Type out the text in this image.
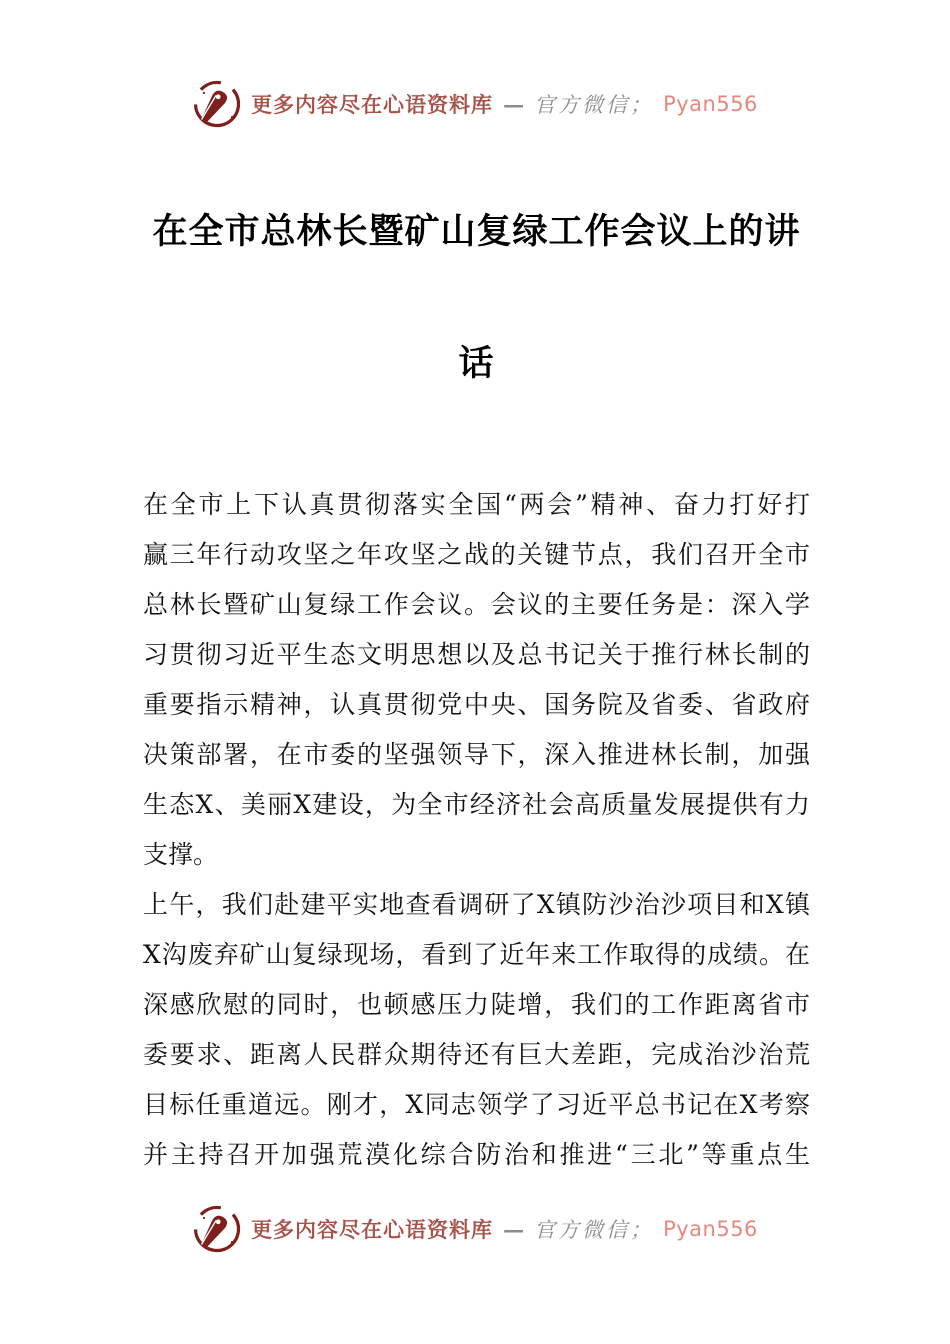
更多内容尽在心语资料库 — 官方微信； Pyan556
在全市总林长暨矿山复绿工作会议上的讲
话
在全市上下认真贯彻落实全国“两会”精神、奋力打好打
赢三年行动攻坚之年攻坚之战的关键节点，我们召开全市
总林长暨矿山复绿工作会议。会议的主要任务是：深入学
习贯彻习近平生态文明思想以及总书记关于推行林长制的
重要指示精神，认真贯彻党中央、国务院及省委、省政府
决策部署，在市委的坚强领导下，深入推进林长制，加强
生态X、美丽X建设，为全市经济社会高质量发展提供有力
支撑。
上午，我们赴建平实地查看调研了X镇防沙治沙项目和X镇
X沟废弃矿山复绿现场，看到了近年来工作取得的成绩。在
深感欣慰的同时，也顿感压力陡增，我们的工作距离省市
委要求、距离人民群众期待还有巨大差距，完成治沙治荒
目标任重道远。刚才，X同志领学了习近平总书记在X考察
并主持召开加强荒漠化综合防治和推进“三北”等重点生
更多内容尽在心语资料库 — 官方微信； Pyan556
